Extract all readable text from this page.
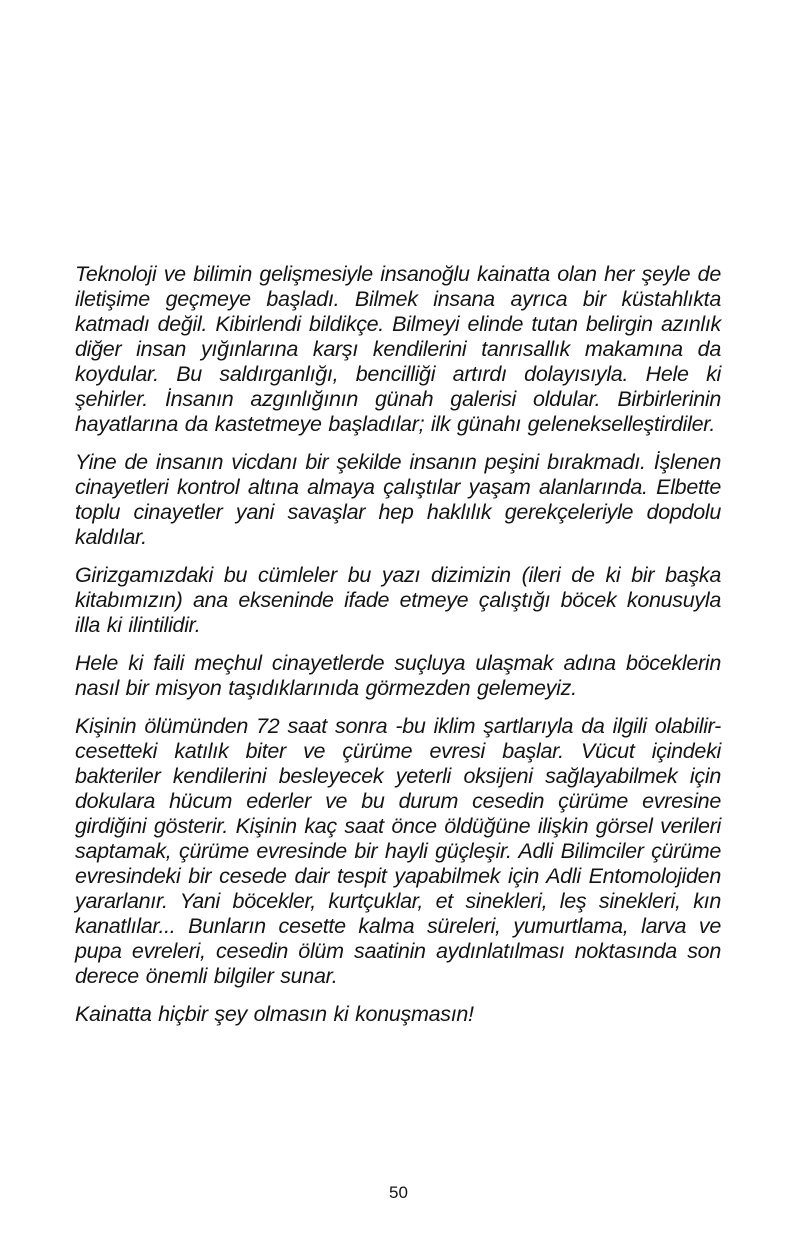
Teknoloji ve bilimin gelişmesiyle insanoğlu kainatta olan her şeyle de iletişime geçmeye başladı. Bilmek insana ayrıca bir küstahlıkta katmadı değil. Kibirlendi bildikçe. Bilmeyi elinde tutan belirgin azınlık diğer insan yığınlarına karşı kendilerini tanrısallık makamına da koydular. Bu saldırganlığı, bencilliği artırdı dolayısıyla. Hele ki şehirler. İnsanın azgınlığının günah galerisi oldular. Birbirlerinin hayatlarına da kastetmeye başladılar; ilk günahı gelenekselleştirdiler.

Yine de insanın vicdanı bir şekilde insanın peşini bırakmadı. İşlenen cinayetleri kontrol altına almaya çalıştılar yaşam alanlarında. Elbette toplu cinayetler yani savaşlar hep haklılık gerekçeleriyle dopdolu kaldılar.

Girizgamızdaki bu cümleler bu yazı dizimizin (ileri de ki bir başka kitabımızın) ana ekseninde ifade etmeye çalıştığı böcek konusuyla illa ki ilintilidir.

Hele ki faili meçhul cinayetlerde suçluya ulaşmak adına böceklerin nasıl bir misyon taşıdıklarınıda görmezden gelemeyiz.

Kişinin ölümünden 72 saat sonra -bu iklim şartlarıyla da ilgili olabilir- cesetteki katılık biter ve çürüme evresi başlar. Vücut içindeki bakteriler kendilerini besleyecek yeterli oksijeni sağlayabilmek için dokulara hücum ederler ve bu durum cesedin çürüme evresine girdiğini gösterir. Kişinin kaç saat önce öldüğüne ilişkin görsel verileri saptamak, çürüme evresinde bir hayli güçleşir. Adli Bilimciler çürüme evresindeki bir cesede dair tespit yapabilmek için Adli Entomolojiden yararlanır. Yani böcekler, kurtçuklar, et sinekleri, leş sinekleri, kın kanatlılar... Bunların cesette kalma süreleri, yumurtlama, larva ve pupa evreleri, cesedin ölüm saatinin aydınlatılması noktasında son derece önemli bilgiler sunar.

Kainatta hiçbir şey olmasın ki konuşmasın!

50
